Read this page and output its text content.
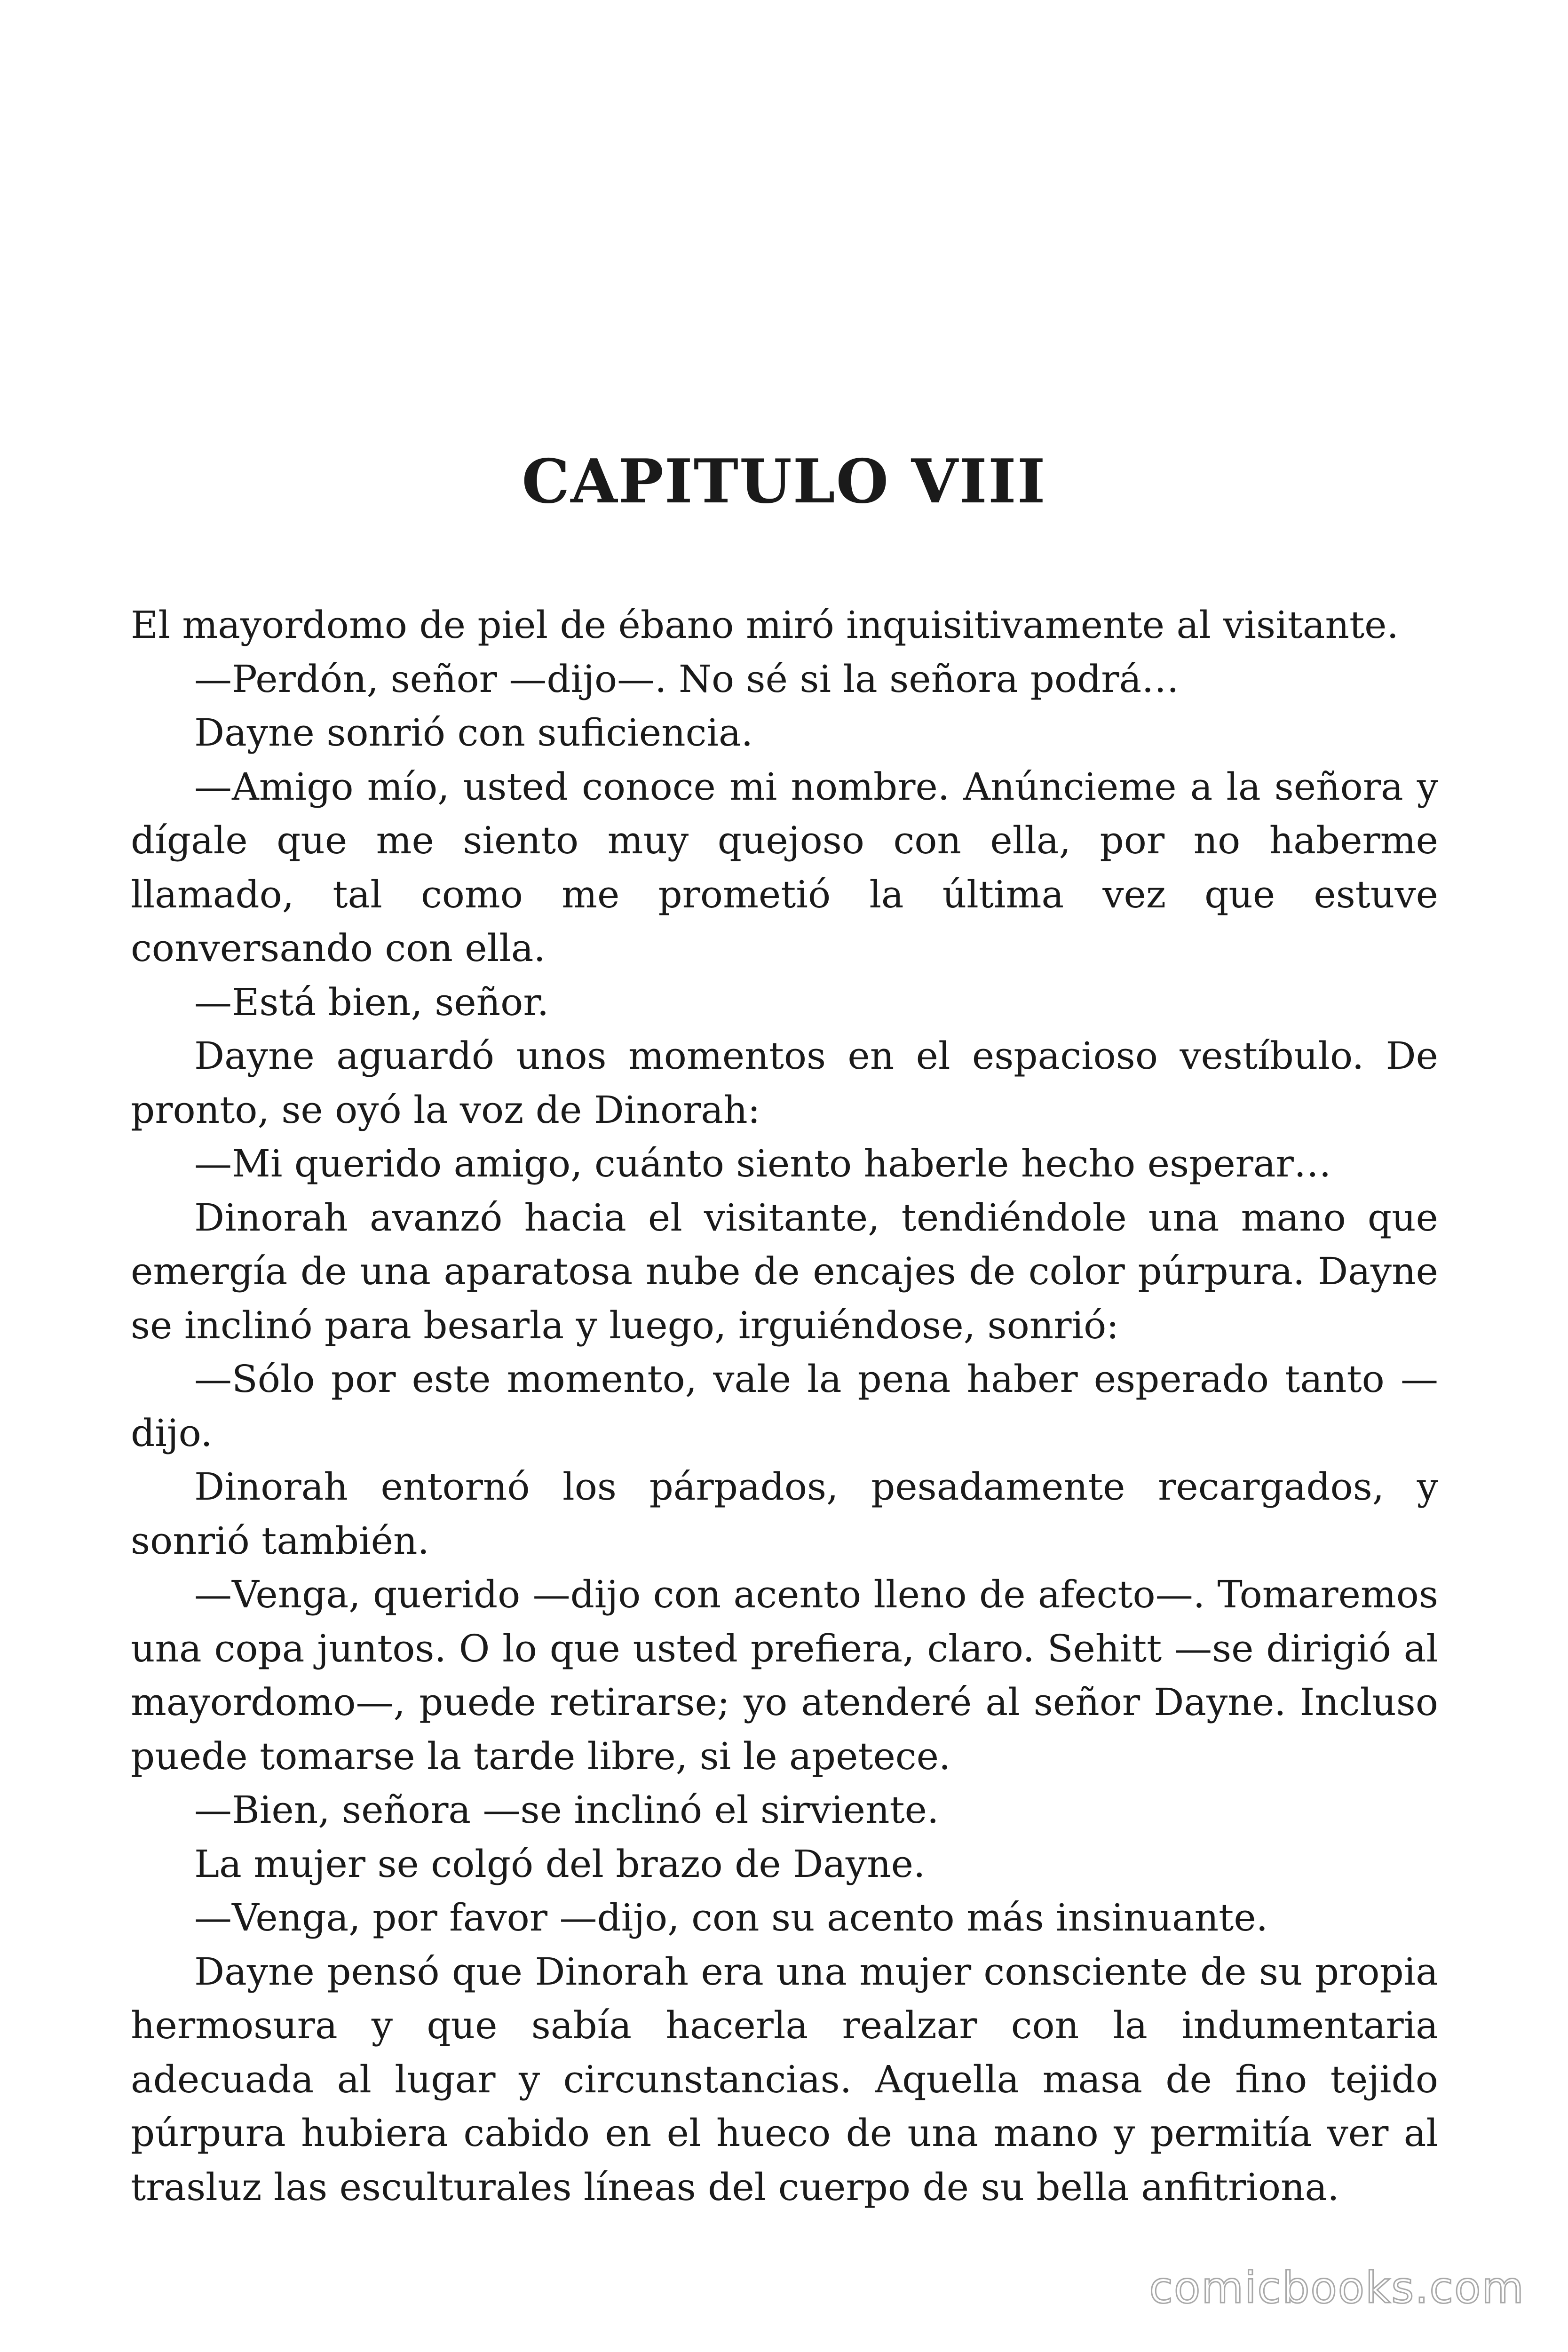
CAPITULO VIII

El mayordomo de piel de ébano miró inquisitivamente al visitante.

—Perdón, señor —dijo—. No sé si la señora podrá…

Dayne sonrió con suficiencia.

—Amigo mío, usted conoce mi nombre. Anúncieme a la señora y dígale que me siento muy quejoso con ella, por no haberme llamado, tal como me prometió la última vez que estuve conversando con ella.

—Está bien, señor.

Dayne aguardó unos momentos en el espacioso vestíbulo. De pronto, se oyó la voz de Dinorah:

—Mi querido amigo, cuánto siento haberle hecho esperar…

Dinorah avanzó hacia el visitante, tendiéndole una mano que emergía de una aparatosa nube de encajes de color púrpura. Dayne se inclinó para besarla y luego, irguiéndose, sonrió:

—Sólo por este momento, vale la pena haber esperado tanto —dijo.

Dinorah entornó los párpados, pesadamente recargados, y sonrió también.

—Venga, querido —dijo con acento lleno de afecto—. Tomaremos una copa juntos. O lo que usted prefiera, claro. Sehitt —se dirigió al mayordomo—, puede retirarse; yo atenderé al señor Dayne. Incluso puede tomarse la tarde libre, si le apetece.

—Bien, señora —se inclinó el sirviente.

La mujer se colgó del brazo de Dayne.

—Venga, por favor —dijo, con su acento más insinuante.

Dayne pensó que Dinorah era una mujer consciente de su propia hermosura y que sabía hacerla realzar con la indumentaria adecuada al lugar y circunstancias. Aquella masa de fino tejido púrpura hubiera cabido en el hueco de una mano y permitía ver al trasluz las esculturales líneas del cuerpo de su bella anfitriona.

comicbooks.com
